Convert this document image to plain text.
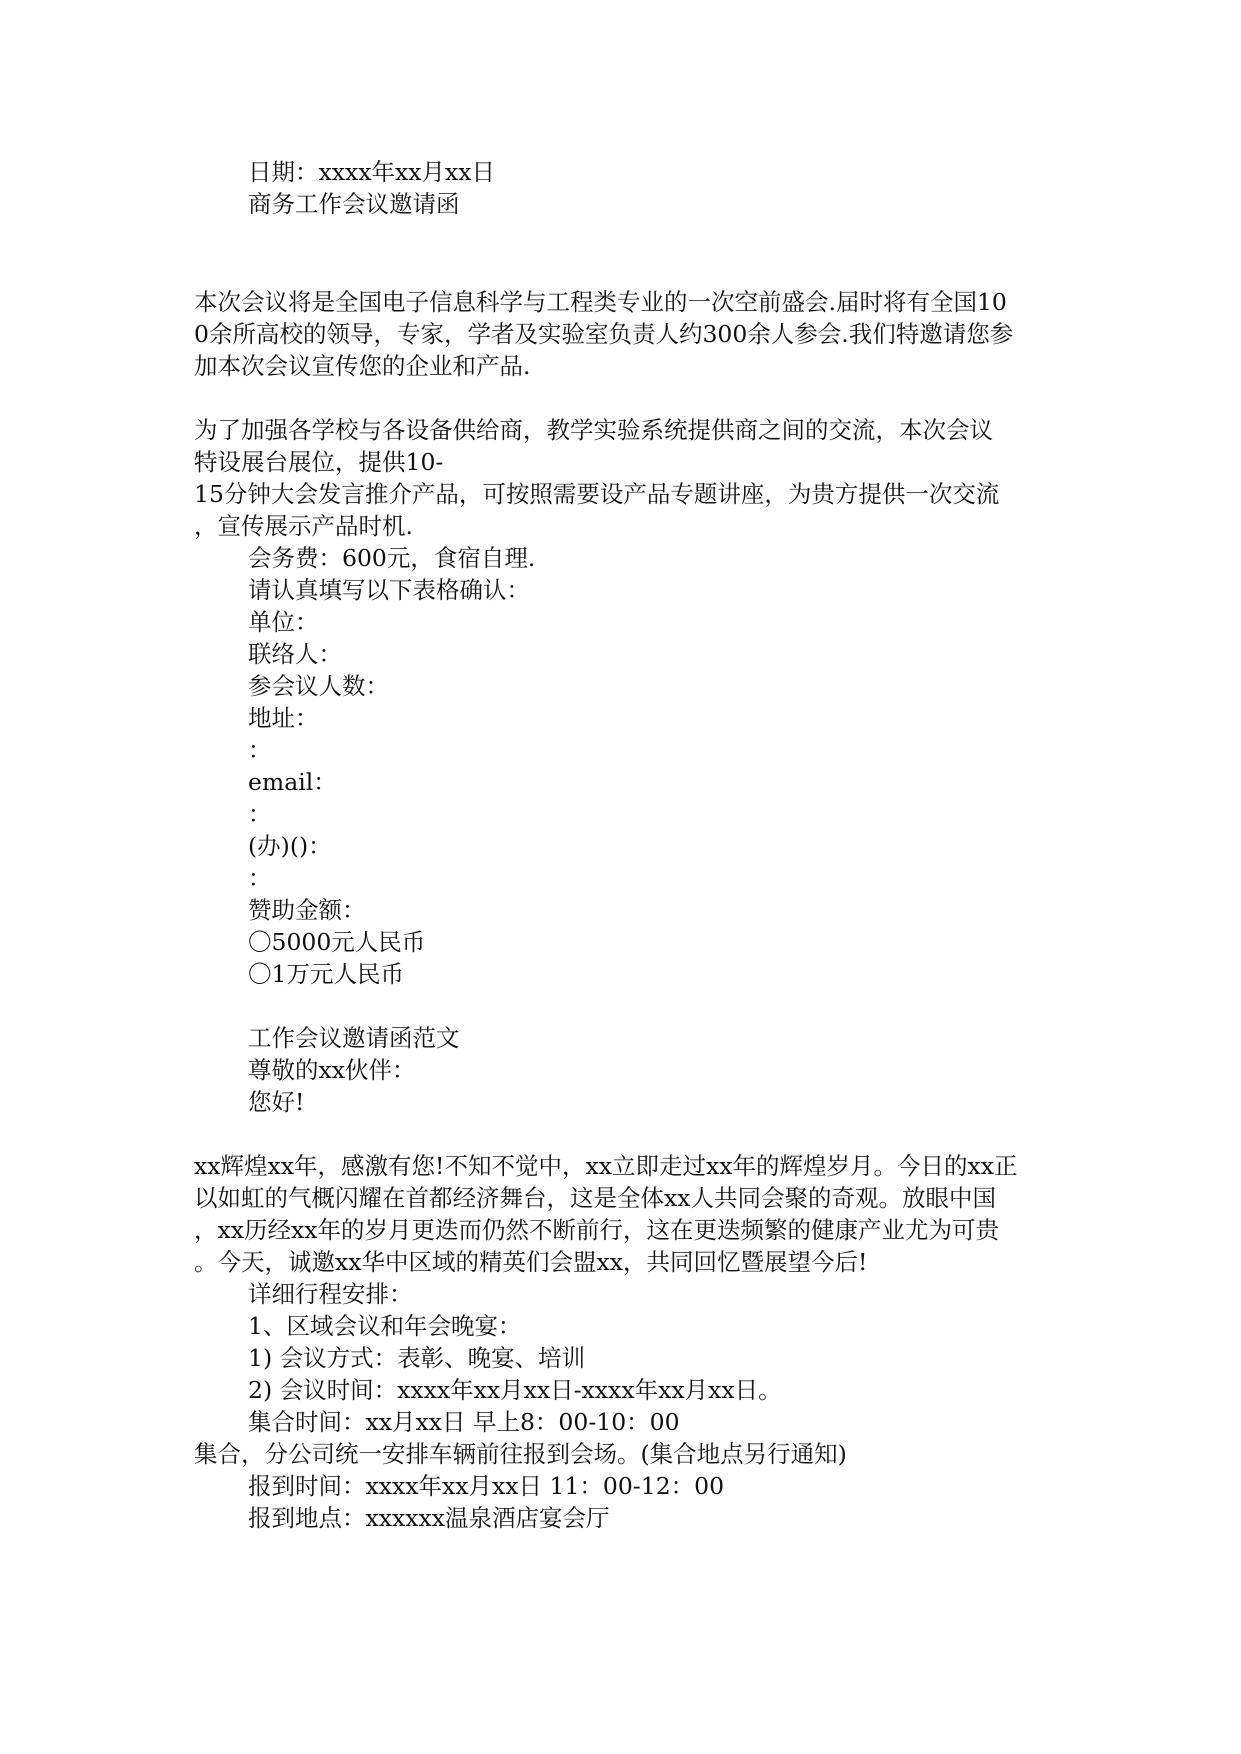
日期：xxxx年xx月xx日
商务工作会议邀请函
本次会议将是全国电子信息科学与工程类专业的一次空前盛会.届时将有全国10
0余所高校的领导，专家，学者及实验室负责人约300余人参会.我们特邀请您参
加本次会议宣传您的企业和产品.
为了加强各学校与各设备供给商，教学实验系统提供商之间的交流，本次会议
特设展台展位，提供10-
15分钟大会发言推介产品，可按照需要设产品专题讲座，为贵方提供一次交流
，宣传展示产品时机.
会务费：600元，食宿自理.
请认真填写以下表格确认：
单位：
联络人：
参会议人数：
地址：
：
email：
：
(办)()：
：
赞助金额：
〇5000元人民币
〇1万元人民币
工作会议邀请函范文
尊敬的xx伙伴：
您好!
xx辉煌xx年，感激有您!不知不觉中，xx立即走过xx年的辉煌岁月。今日的xx正
以如虹的气概闪耀在首都经济舞台，这是全体xx人共同会聚的奇观。放眼中国
，xx历经xx年的岁月更迭而仍然不断前行，这在更迭频繁的健康产业尤为可贵
。今天，诚邀xx华中区域的精英们会盟xx，共同回忆暨展望今后!
详细行程安排：
1、区域会议和年会晚宴：
1) 会议方式：表彰、晚宴、培训
2) 会议时间：xxxx年xx月xx日-xxxx年xx月xx日。
集合时间：xx月xx日 早上8：00-10：00
集合，分公司统一安排车辆前往报到会场。(集合地点另行通知)
报到时间：xxxx年xx月xx日 11：00-12：00
报到地点：xxxxxx温泉酒店宴会厅
